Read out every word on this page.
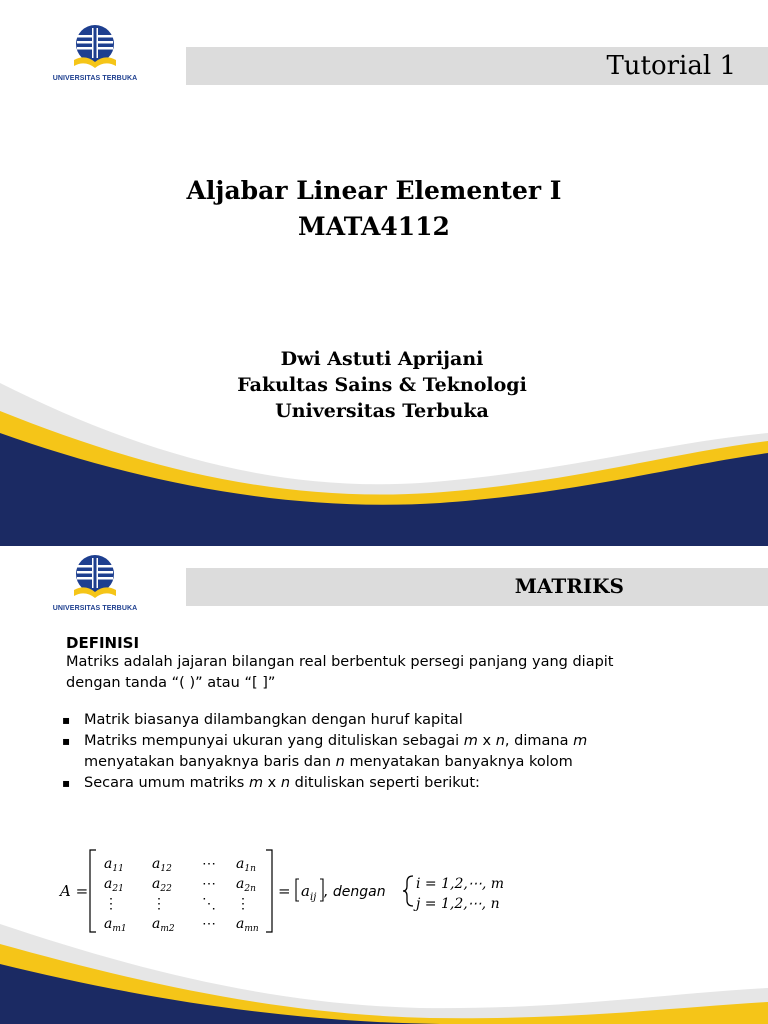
UNIVERSITAS TERBUKA	Tutorial 1
Aljabar Linear Elementer I
MATA4112
Dwi Astuti Aprijani
Fakultas Sains & Teknologi
Universitas Terbuka
UNIVERSITAS TERBUKA
MATRIKS
DEFINISI
Matriks adalah jajaran bilangan real berbentuk persegi panjang yang diapit
dengan tanda “( )” atau “[ ]”
▪ Matrik biasanya dilambangkan dengan huruf kapital
▪ Matriks mempunyai ukuran yang dituliskan sebagai m x n, dimana m
menyatakan banyaknya baris dan n menyatakan banyaknya kolom
▪ Secara umum matriks m x n dituliskan seperti berikut:
A =
$a_{11}$ $a_{12}$ ⋯ $a_{1n}$
$a_{21}$ $a_{22}$ ⋯ $a_{2n}$
⋮ ⋮	⋱ ⋮
$a_{m1}$ $a_{m2}$ ⋯ $a_{mn}$
= a ij , dengan i = 1,2,⋯, m
j = 1,2,⋯, n
